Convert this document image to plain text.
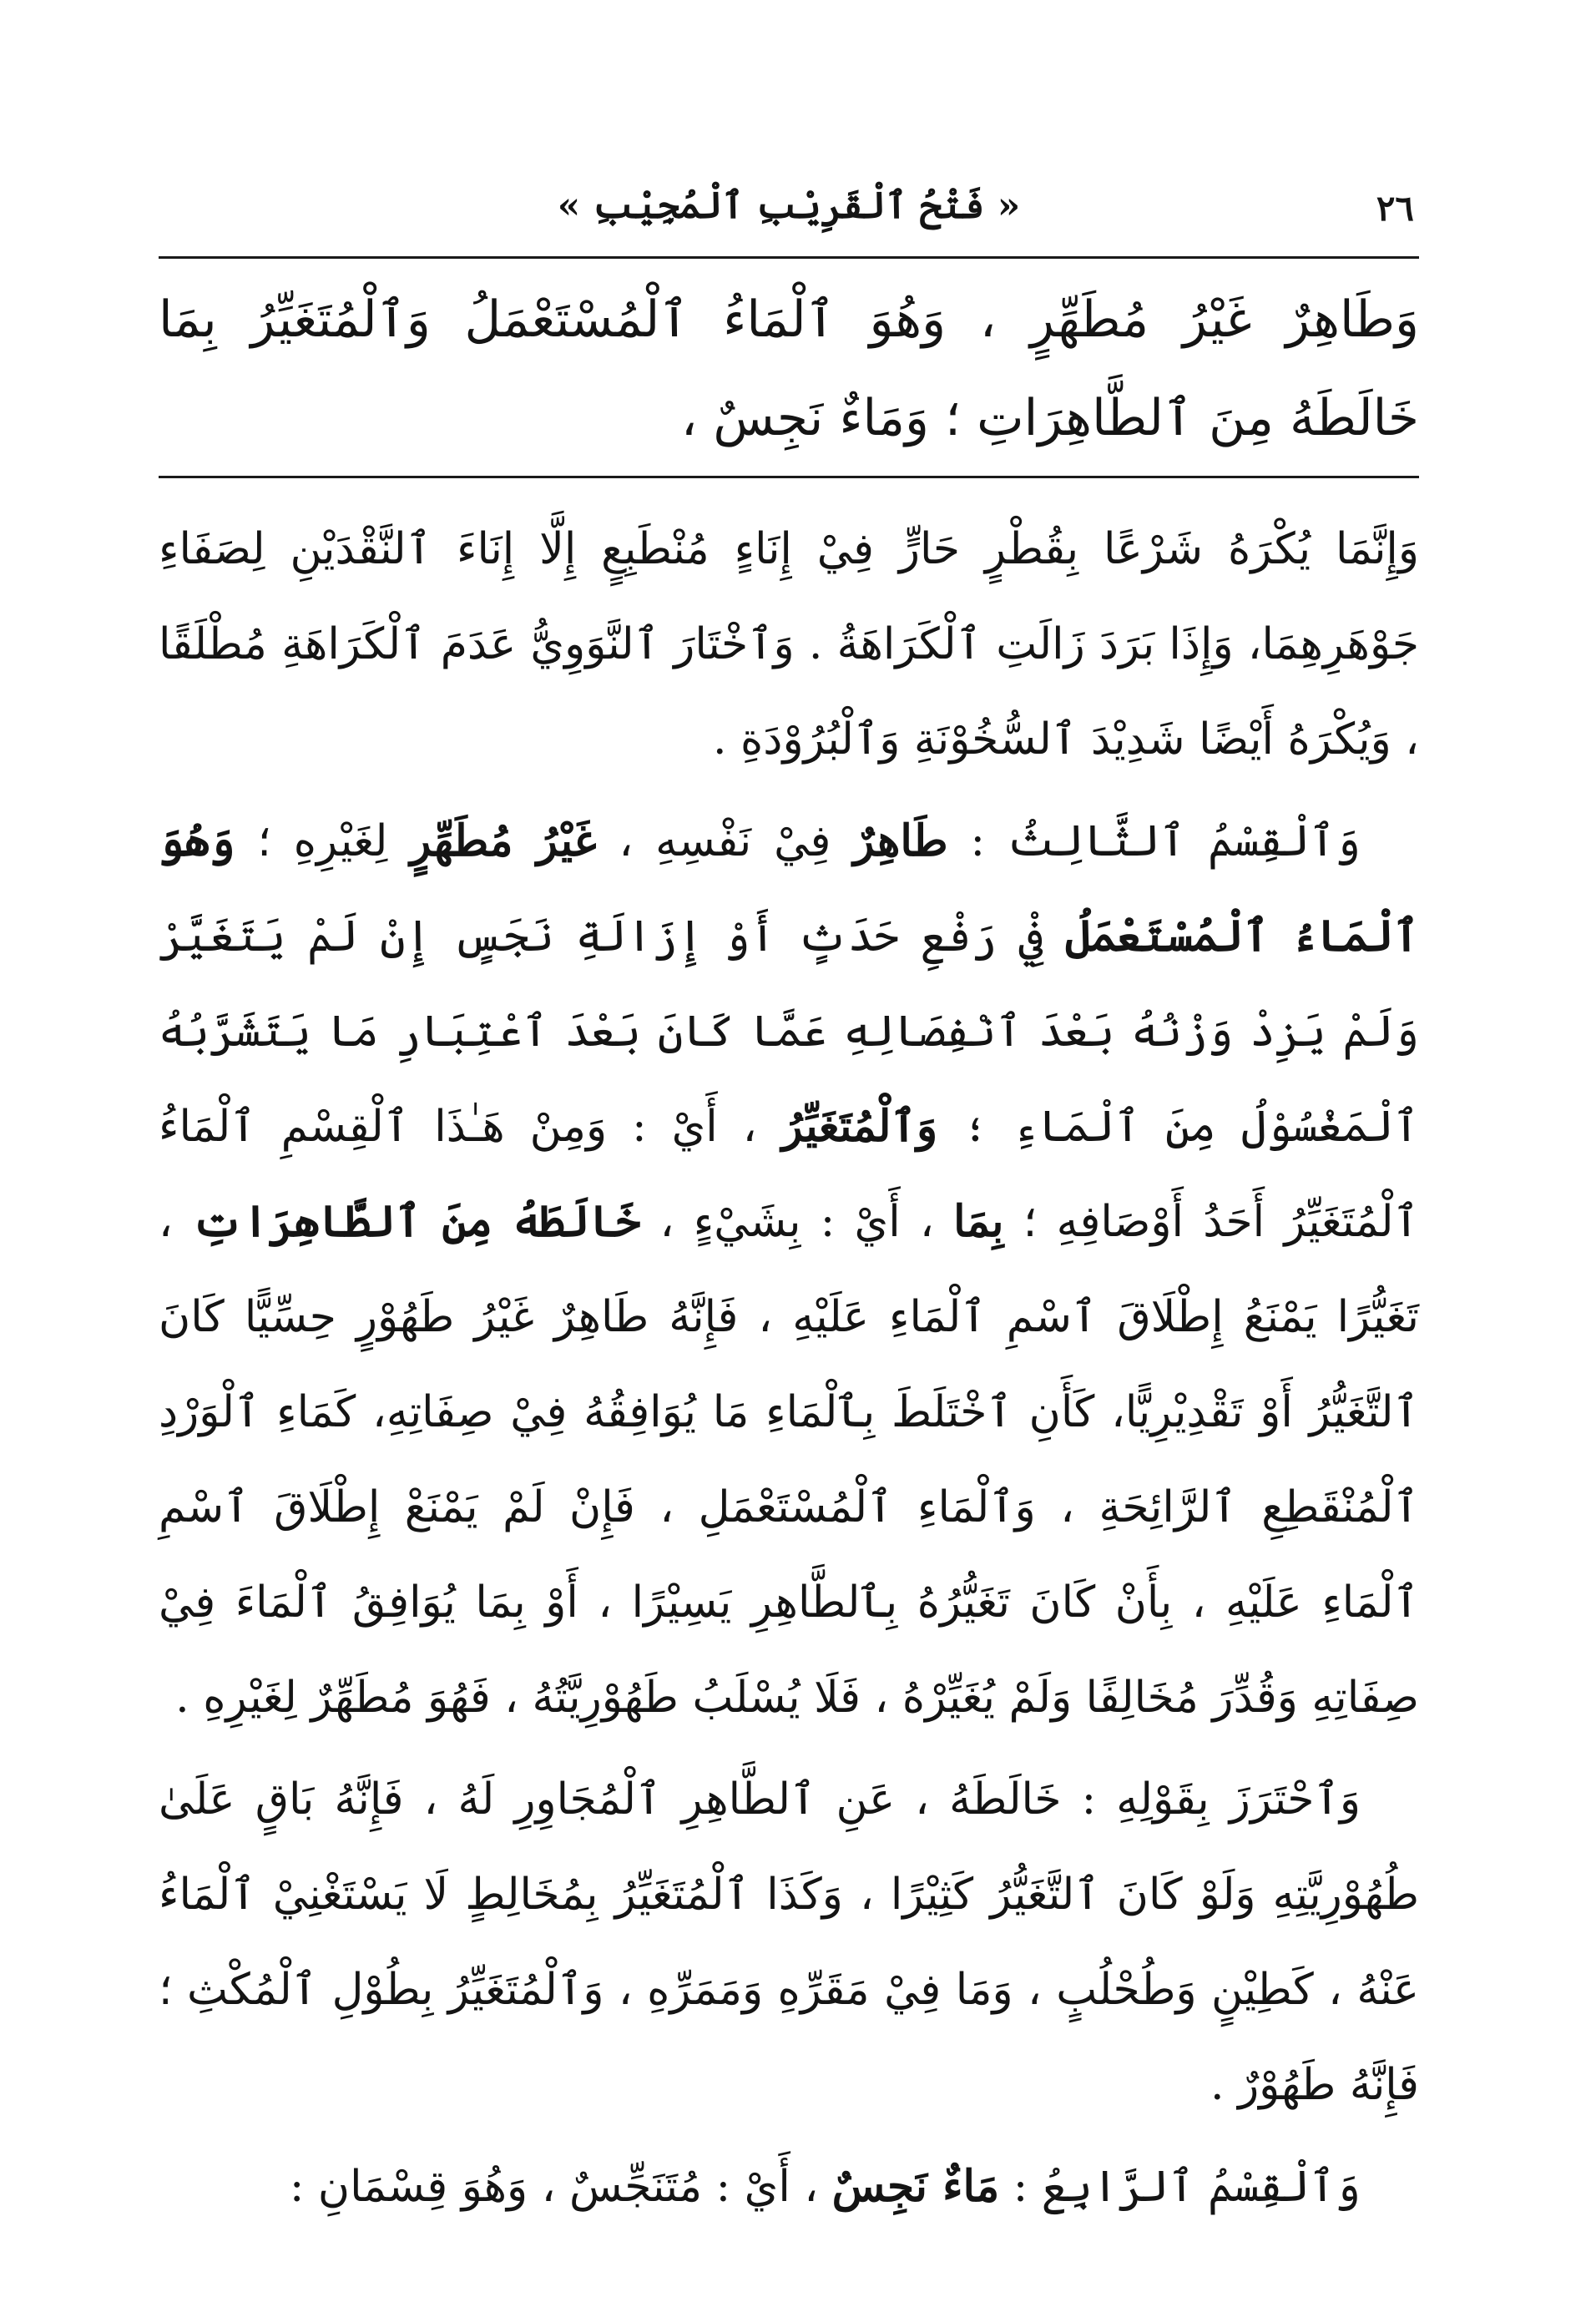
٢٦
« فَتْحُ ٱلْقَرِيْبِ ٱلْمُجِيْبِ »
وَطَاهِرٌ غَيْرُ مُطَهِّرٍ ، وَهُوَ ٱلْمَاءُ ٱلْمُسْتَعْمَلُ وَٱلْمُتَغَيِّرُ بِمَا خَالَطَهُ مِنَ ٱلطَّاهِرَاتِ ؛ وَمَاءٌ نَجِسٌ ،

وَإِنَّمَا يُكْرَهُ شَرْعًا بِقُطْرٍ حَارٍّ فِيْ إِنَاءٍ مُنْطَبِعٍ إِلَّا إِنَاءَ ٱلنَّقْدَيْنِ لِصَفَاءِ جَوْهَرِهِمَا، وَإِذَا بَرَدَ زَالَتِ ٱلْكَرَاهَةُ . وَٱخْتَارَ ٱلنَّوَوِيُّ عَدَمَ ٱلْكَرَاهَةِ مُطْلَقًا ، وَيُكْرَهُ أَيْضًا شَدِيْدَ ٱلسُّخُوْنَةِ وَٱلْبُرُوْدَةِ .

وَٱلْقِسْمُ ٱلثَّالِثُ : طَاهِرٌ فِيْ نَفْسِهِ ، غَيْرُ مُطَهِّرٍ لِغَيْرِهِ ؛ وَهُوَ ٱلْمَاءُ ٱلْمُسْتَعْمَلُ فِيْ رَفْعِ حَدَثٍ أَوْ إِزَالَةِ نَجَسٍ إِنْ لَمْ يَتَغَيَّرْ وَلَمْ يَزِدْ وَزْنُهُ بَعْدَ ٱنْفِصَالِهِ عَمَّا كَانَ بَعْدَ ٱعْتِبَارِ مَا يَتَشَرَّبُهُ ٱلْمَغْسُوْلُ مِنَ ٱلْمَاءِ ؛ وَٱلْمُتَغَيِّرُ ، أَيْ : وَمِنْ هَـٰذَا ٱلْقِسْمِ ٱلْمَاءُ ٱلْمُتَغَيِّرُ أَحَدُ أَوْصَافِهِ ؛ بِمَا ، أَيْ : بِشَيْءٍ ، خَالَطَهُ مِنَ ٱلطَّاهِرَاتِ ، تَغَيُّرًا يَمْنَعُ إِطْلَاقَ ٱسْمِ ٱلْمَاءِ عَلَيْهِ ، فَإِنَّهُ طَاهِرٌ غَيْرُ طَهُوْرٍ حِسِّيًّا كَانَ ٱلتَّغَيُّرُ أَوْ تَقْدِيْرِيًّا، كَأَنِ ٱخْتَلَطَ بِٱلْمَاءِ مَا يُوَافِقُهُ فِيْ صِفَاتِهِ، كَمَاءِ ٱلْوَرْدِ ٱلْمُنْقَطِعِ ٱلرَّائِحَةِ ، وَٱلْمَاءِ ٱلْمُسْتَعْمَلِ ، فَإِنْ لَمْ يَمْنَعْ إِطْلَاقَ ٱسْمِ ٱلْمَاءِ عَلَيْهِ ، بِأَنْ كَانَ تَغَيُّرُهُ بِٱلطَّاهِرِ يَسِيْرًا ، أَوْ بِمَا يُوَافِقُ ٱلْمَاءَ فِيْ صِفَاتِهِ وَقُدِّرَ مُخَالِفًا وَلَمْ يُغَيِّرْهُ ، فَلَا يُسْلَبُ طَهُوْرِيَّتُهُ ، فَهُوَ مُطَهِّرٌ لِغَيْرِهِ .

وَٱحْتَرَزَ بِقَوْلِهِ : خَالَطَهُ ، عَنِ ٱلطَّاهِرِ ٱلْمُجَاوِرِ لَهُ ، فَإِنَّهُ بَاقٍ عَلَىٰ طُهُوْرِيَّتِهِ وَلَوْ كَانَ ٱلتَّغَيُّرُ كَثِيْرًا ، وَكَذَا ٱلْمُتَغَيِّرُ بِمُخَالِطٍ لَا يَسْتَغْنِيْ ٱلْمَاءُ عَنْهُ ، كَطِيْنٍ وَطُحْلُبٍ ، وَمَا فِيْ مَقَرِّهِ وَمَمَرِّهِ ، وَٱلْمُتَغَيِّرُ بِطُوْلِ ٱلْمُكْثِ ؛ فَإِنَّهُ طَهُوْرٌ .

وَٱلْقِسْمُ ٱلرَّابِعُ : مَاءٌ نَجِسٌ ، أَيْ : مُتَنَجِّسٌ ، وَهُوَ قِسْمَانِ :
